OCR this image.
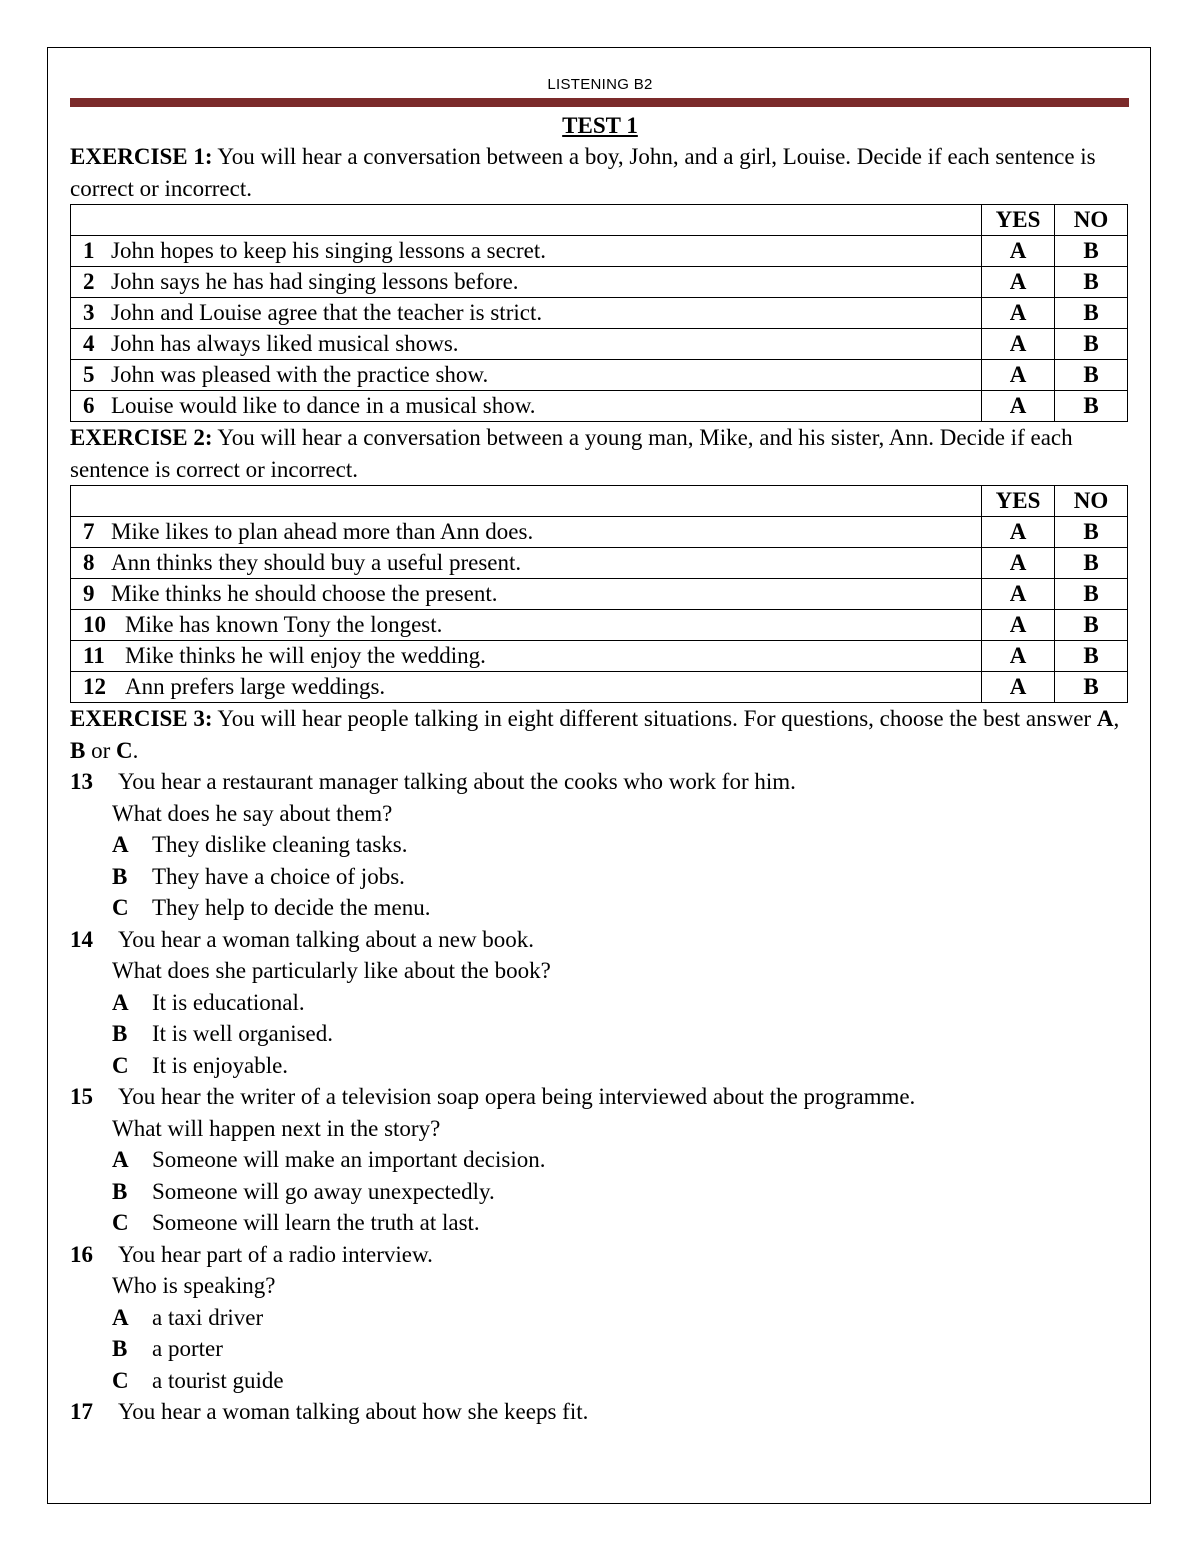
LISTENING B2
TEST 1

EXERCISE 1: You will hear a conversation between a boy, John, and a girl, Louise. Decide if each sentence is correct or incorrect.

	YES	NO
1 John hopes to keep his singing lessons a secret.	A	B
2 John says he has had singing lessons before.	A	B
3 John and Louise agree that the teacher is strict.	A	B
4 John has always liked musical shows.	A	B
5 John was pleased with the practice show.	A	B
6 Louise would like to dance in a musical show.	A	B

EXERCISE 2: You will hear a conversation between a young man, Mike, and his sister, Ann. Decide if each sentence is correct or incorrect.

	YES	NO
7 Mike likes to plan ahead more than Ann does.	A	B
8 Ann thinks they should buy a useful present.	A	B
9 Mike thinks he should choose the present.	A	B
10 Mike has known Tony the longest.	A	B
11 Mike thinks he will enjoy the wedding.	A	B
12 Ann prefers large weddings.	A	B

EXERCISE 3: You will hear people talking in eight different situations. For questions, choose the best answer A, B or C.

13 You hear a restaurant manager talking about the cooks who work for him.

What does he say about them?

A They dislike cleaning tasks.

B They have a choice of jobs.

C They help to decide the menu.

14 You hear a woman talking about a new book.

What does she particularly like about the book?

A It is educational.

B It is well organised.

C It is enjoyable.

15 You hear the writer of a television soap opera being interviewed about the programme.

What will happen next in the story?

A Someone will make an important decision.

B Someone will go away unexpectedly.

C Someone will learn the truth at last.

16 You hear part of a radio interview.

Who is speaking?

A a taxi driver

B a porter

C a tourist guide

17 You hear a woman talking about how she keeps fit.
